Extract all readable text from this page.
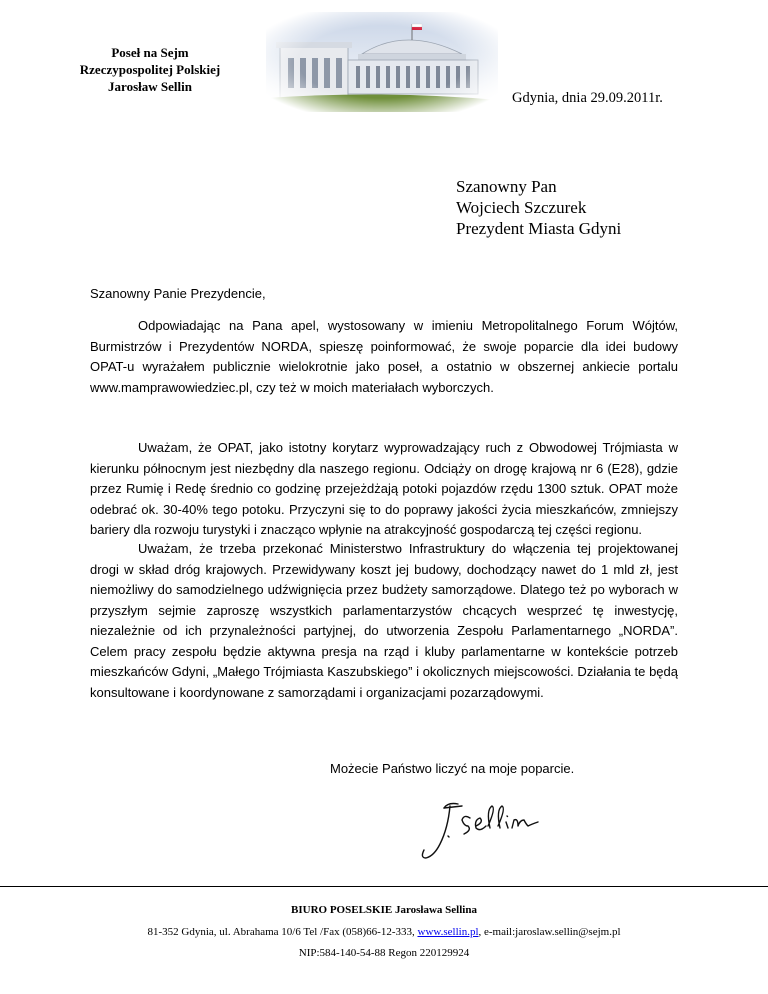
Poseł na Sejm
Rzeczypospolitej Polskiej
Jarosław Sellin
Gdynia, dnia 29.09.2011r.
Szanowny Pan
Wojciech Szczurek
Prezydent Miasta Gdyni
Szanowny Panie Prezydencie,

Odpowiadając na Pana apel, wystosowany w imieniu Metropolitalnego Forum Wójtów, Burmistrzów i Prezydentów NORDA, spieszę poinformować, że swoje poparcie dla idei budowy OPAT-u wyrażałem publicznie wielokrotnie jako poseł, a ostatnio w obszernej ankiecie portalu www.mamprawowiedziec.pl, czy też w moich materiałach wyborczych.

Uważam, że OPAT, jako istotny korytarz wyprowadzający ruch z Obwodowej Trójmiasta w kierunku północnym jest niezbędny dla naszego regionu. Odciąży on drogę krajową nr 6 (E28), gdzie przez Rumię i Redę średnio co godzinę przejeżdżają potoki pojazdów rzędu 1300 sztuk. OPAT może odebrać ok. 30-40% tego potoku. Przyczyni się to do poprawy jakości życia mieszkańców, zmniejszy bariery dla rozwoju turystyki i znacząco wpłynie na atrakcyjność gospodarczą tej części regionu.

Uważam, że trzeba przekonać Ministerstwo Infrastruktury do włączenia tej projektowanej drogi w skład dróg krajowych. Przewidywany koszt jej budowy, dochodzący nawet do 1 mld zł, jest niemożliwy do samodzielnego udźwignięcia przez budżety samorządowe. Dlatego też po wyborach w przyszłym sejmie zaproszę wszystkich parlamentarzystów chcących wesprzeć tę inwestycję, niezależnie od ich przynależności partyjnej, do utworzenia Zespołu Parlamentarnego „NORDA”. Celem pracy zespołu będzie aktywna presja na rząd i kluby parlamentarne w kontekście potrzeb mieszkańców Gdyni, „Małego Trójmiasta Kaszubskiego” i okolicznych miejscowości. Działania te będą konsultowane i koordynowane z samorządami i organizacjami pozarządowymi.

Możecie Państwo liczyć na moje poparcie.
BIURO POSELSKIE Jarosława Sellina
81-352 Gdynia, ul. Abrahama 10/6 Tel /Fax (058)66-12-333, www.sellin.pl, e-mail:jaroslaw.sellin@sejm.pl
NIP:584-140-54-88 Regon 220129924
